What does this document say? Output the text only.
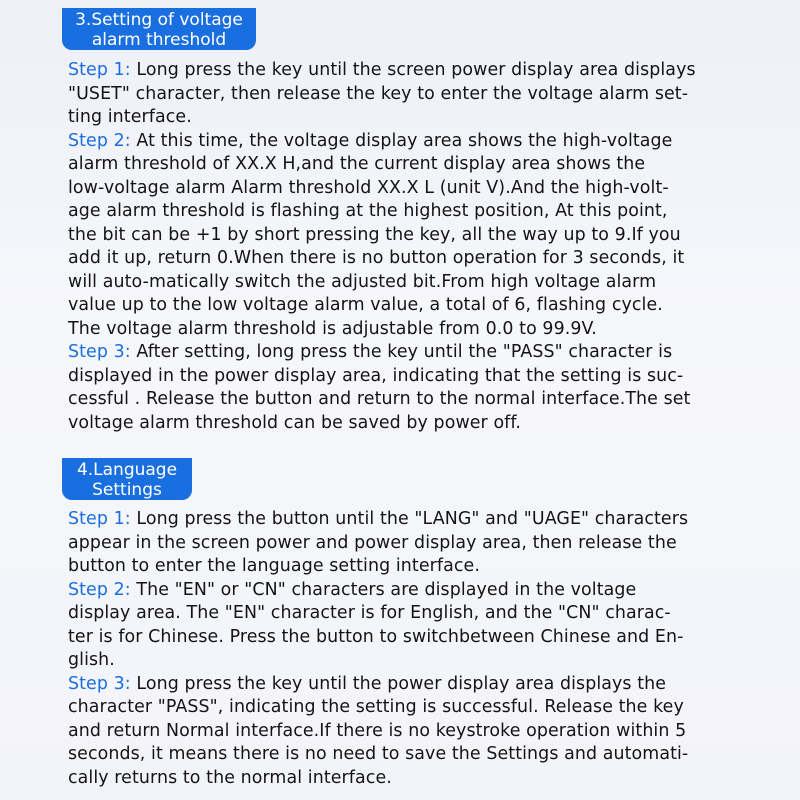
3.Setting of voltage
alarm threshold
Step 1: Long press the key until the screen power display area displays
"USET" character, then release the key to enter the voltage alarm set-
ting interface.
Step 2: At this time, the voltage display area shows the high-voltage
alarm threshold of XX.X H,and the current display area shows the
low-voltage alarm Alarm threshold XX.X L (unit V).And the high-volt-
age alarm threshold is flashing at the highest position, At this point,
the bit can be +1 by short pressing the key, all the way up to 9.If you
add it up, return 0.When there is no button operation for 3 seconds, it
will auto-matically switch the adjusted bit.From high voltage alarm
value up to the low voltage alarm value, a total of 6, flashing cycle.
The voltage alarm threshold is adjustable from 0.0 to 99.9V.
Step 3: After setting, long press the key until the "PASS" character is
displayed in the power display area, indicating that the setting is suc-
cessful . Release the button and return to the normal interface.The set
voltage alarm threshold can be saved by power off.
4.Language
Settings
Step 1: Long press the button until the "LANG" and "UAGE" characters
appear in the screen power and power display area, then release the
button to enter the language setting interface.
Step 2: The "EN" or "CN" characters are displayed in the voltage
display area. The "EN" character is for English, and the "CN" charac-
ter is for Chinese. Press the button to switchbetween Chinese and En-
glish.
Step 3: Long press the key until the power display area displays the
character "PASS", indicating the setting is successful. Release the key
and return Normal interface.If there is no keystroke operation within 5
seconds, it means there is no need to save the Settings and automati-
cally returns to the normal interface.
